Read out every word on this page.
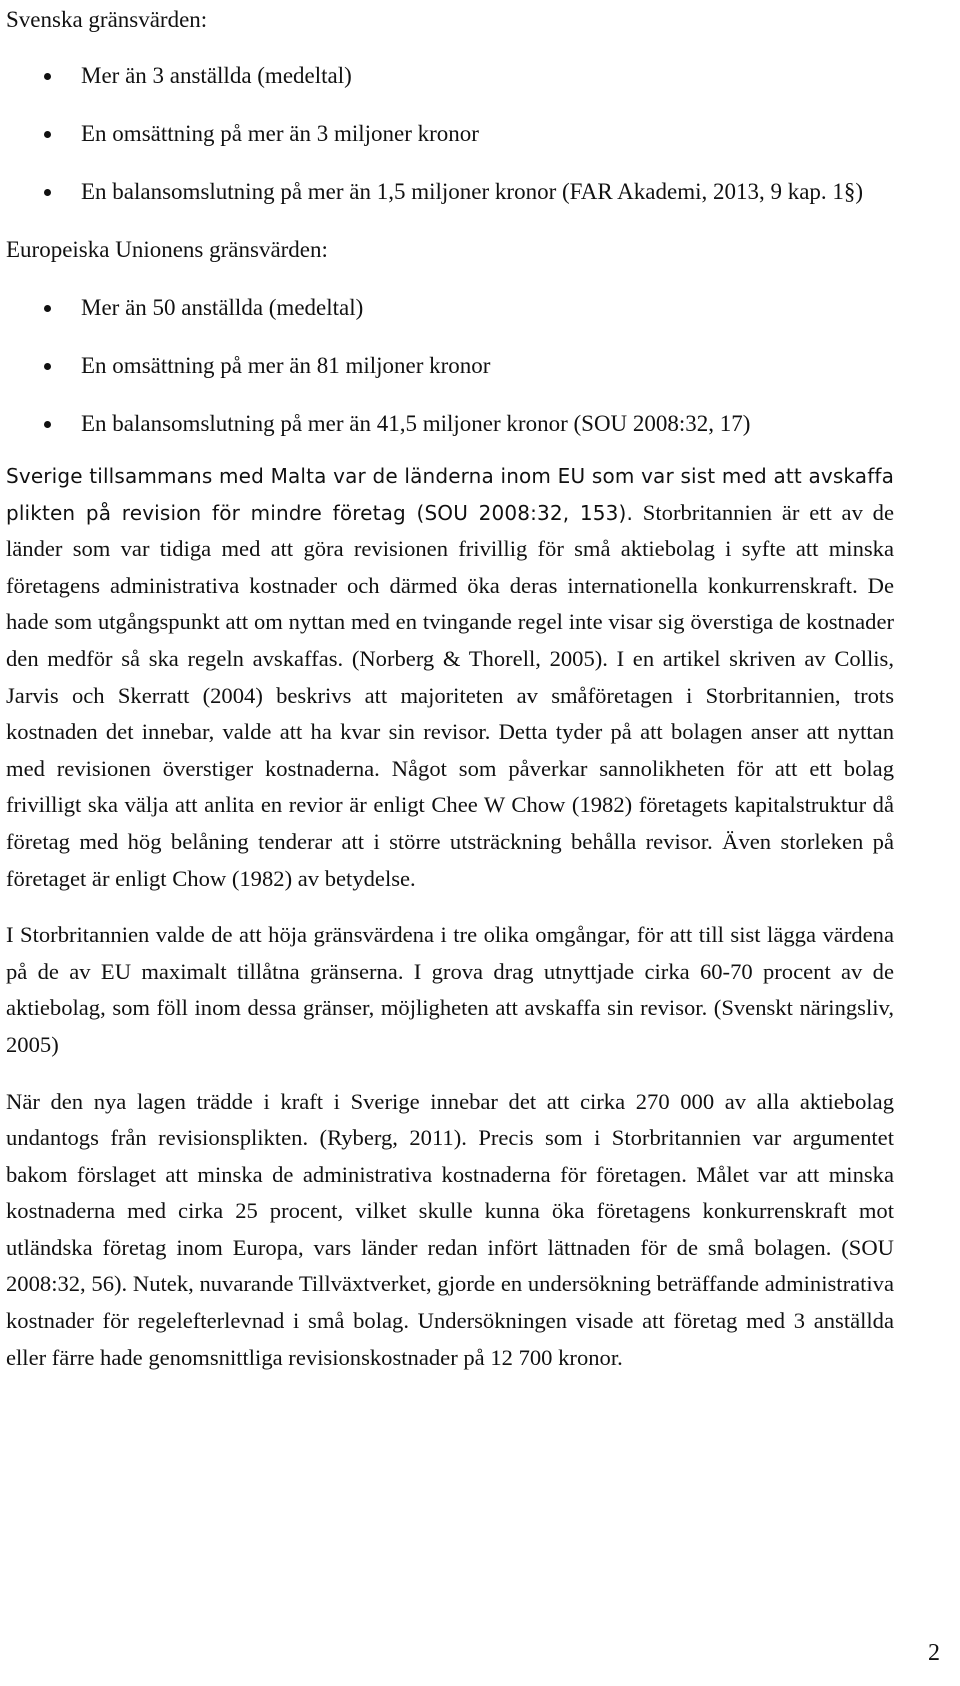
Svenska gränsvärden:

Mer än 3 anställda (medeltal)
En omsättning på mer än 3 miljoner kronor
En balansomslutning på mer än 1,5 miljoner kronor (FAR Akademi, 2013, 9 kap. 1§)

Europeiska Unionens gränsvärden:

Mer än 50 anställda (medeltal)
En omsättning på mer än 81 miljoner kronor
En balansomslutning på mer än 41,5 miljoner kronor (SOU 2008:32, 17)

Sverige tillsammans med Malta var de länderna inom EU som var sist med att avskaffa plikten på revision för mindre företag (SOU 2008:32, 153). Storbritannien är ett av de länder som var tidiga med att göra revisionen frivillig för små aktiebolag i syfte att minska företagens administrativa kostnader och därmed öka deras internationella konkurrenskraft. De hade som utgångspunkt att om nyttan med en tvingande regel inte visar sig överstiga de kostnader den medför så ska regeln avskaffas. (Norberg & Thorell, 2005). I en artikel skriven av Collis, Jarvis och Skerratt (2004) beskrivs att majoriteten av småföretagen i Storbritannien, trots kostnaden det innebar, valde att ha kvar sin revisor. Detta tyder på att bolagen anser att nyttan med revisionen överstiger kostnaderna. Något som påverkar sannolikheten för att ett bolag frivilligt ska välja att anlita en revior är enligt Chee W Chow (1982) företagets kapitalstruktur då företag med hög belåning tenderar att i större utsträckning behålla revisor. Även storleken på företaget är enligt Chow (1982) av betydelse.

I Storbritannien valde de att höja gränsvärdena i tre olika omgångar, för att till sist lägga värdena på de av EU maximalt tillåtna gränserna. I grova drag utnyttjade cirka 60-70 procent av de aktiebolag, som föll inom dessa gränser, möjligheten att avskaffa sin revisor. (Svenskt näringsliv, 2005)

När den nya lagen trädde i kraft i Sverige innebar det att cirka 270 000 av alla aktiebolag undantogs från revisionsplikten. (Ryberg, 2011). Precis som i Storbritannien var argumentet bakom förslaget att minska de administrativa kostnaderna för företagen. Målet var att minska kostnaderna med cirka 25 procent, vilket skulle kunna öka företagens konkurrenskraft mot utländska företag inom Europa, vars länder redan infört lättnaden för de små bolagen. (SOU 2008:32, 56). Nutek, nuvarande Tillväxtverket, gjorde en undersökning beträffande administrativa kostnader för regelefterlevnad i små bolag. Undersökningen visade att företag med 3 anställda eller färre hade genomsnittliga revisionskostnader på 12 700 kronor.

2
